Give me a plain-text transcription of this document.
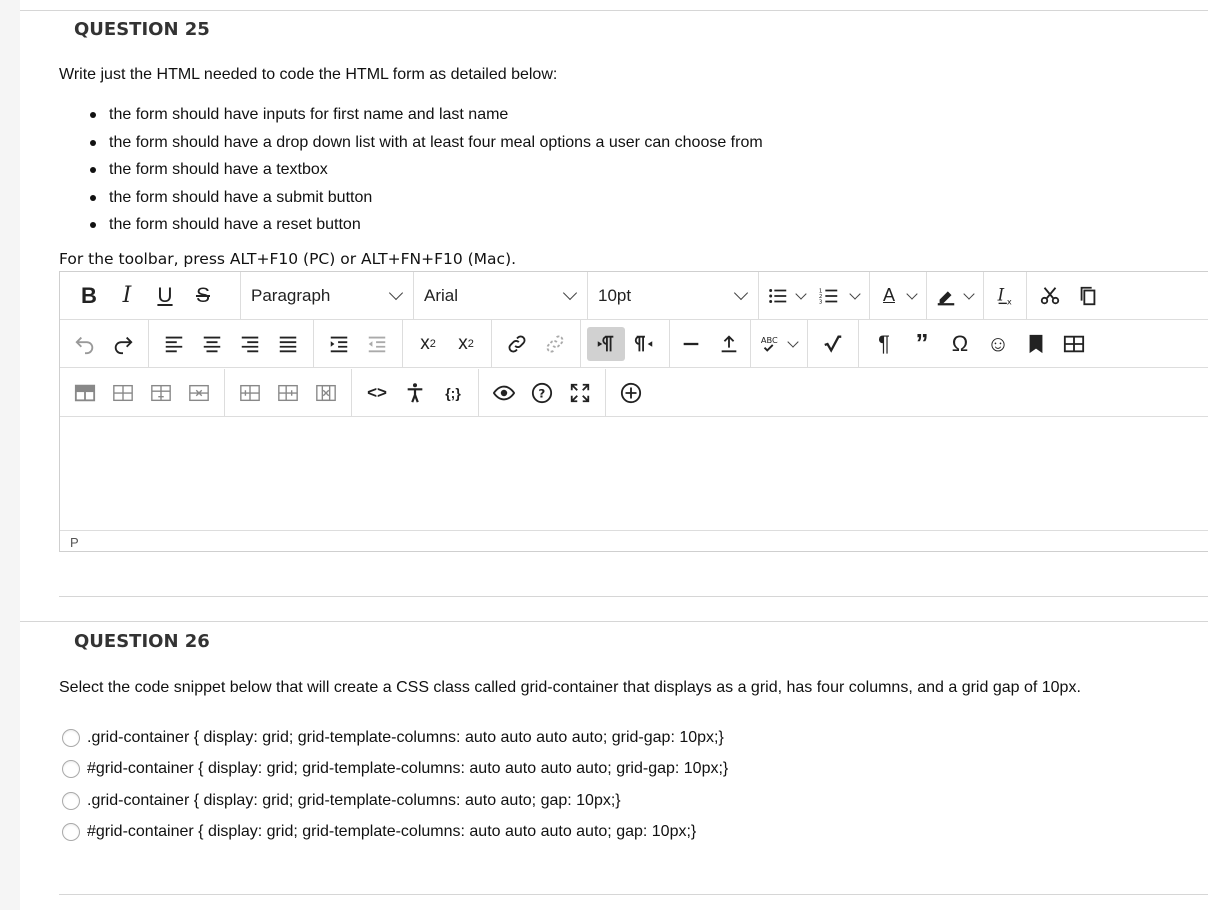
QUESTION 25
Write just the HTML needed to code the HTML form as detailed below:
the form should have inputs for first name and last name
the form should have a drop down list with at least four meal options a user can choose from
the form should have a textbox
the form should have a submit button
the form should have a reset button
For the toolbar, press ALT+F10 (PC) or ALT+FN+F10 (Mac).
B	I	U	S	Paragraph	Arial	10pt	1
2
3	A	I x
x 2	x 2	ABC	¶ ”	Ω ☺
<>	{;}	?
P
QUESTION 26
Select the code snippet below that will create a CSS class called grid-container that displays as a grid, has four columns, and a grid gap of 10px.
.grid-container { display: grid; grid-template-columns: auto auto auto auto; grid-gap: 10px;}
#grid-container { display: grid; grid-template-columns: auto auto auto auto; grid-gap: 10px;}
.grid-container { display: grid; grid-template-columns: auto auto; gap: 10px;}
#grid-container { display: grid; grid-template-columns: auto auto auto auto; gap: 10px;}
